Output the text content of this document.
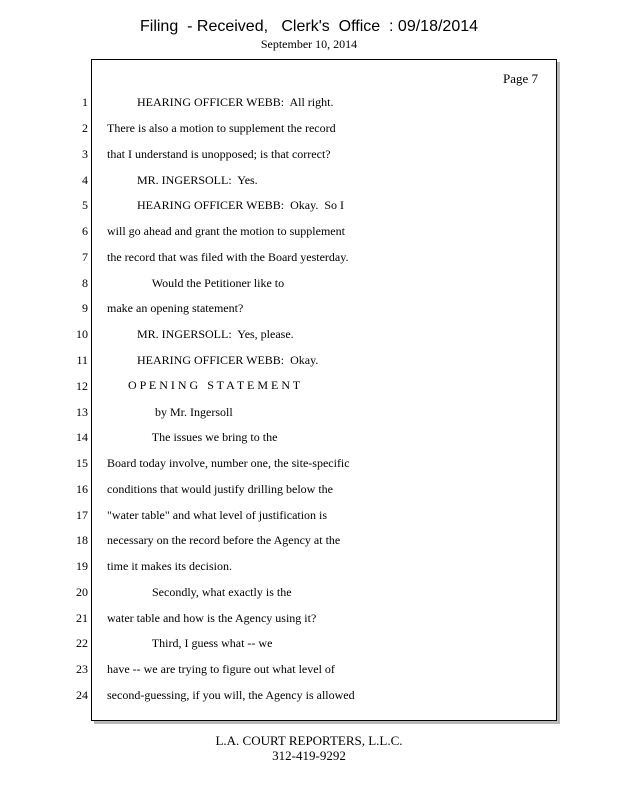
Filing  - Received,   Clerk's  Office  : 09/18/2014
September 10, 2014
Page 7
1 HEARING OFFICER WEBB:  All right.
2 There is also a motion to supplement the record
3 that I understand is unopposed; is that correct?
4 MR. INGERSOLL:  Yes.
5 HEARING OFFICER WEBB:  Okay.  So I
6 will go ahead and grant the motion to supplement
7 the record that was filed with the Board yesterday.
8 Would the Petitioner like to
9 make an opening statement?
10 MR. INGERSOLL:  Yes, please.
11 HEARING OFFICER WEBB:  Okay.
12 O P E N I N G   S T A T E M E N T
13 by Mr. Ingersoll
14 The issues we bring to the
15 Board today involve, number one, the site-specific
16 conditions that would justify drilling below the
17 "water table" and what level of justification is
18 necessary on the record before the Agency at the
19 time it makes its decision.
20 Secondly, what exactly is the
21 water table and how is the Agency using it?
22 Third, I guess what -- we
23 have -- we are trying to figure out what level of
24 second-guessing, if you will, the Agency is allowed
L.A. COURT REPORTERS, L.L.C.
312-419-9292
